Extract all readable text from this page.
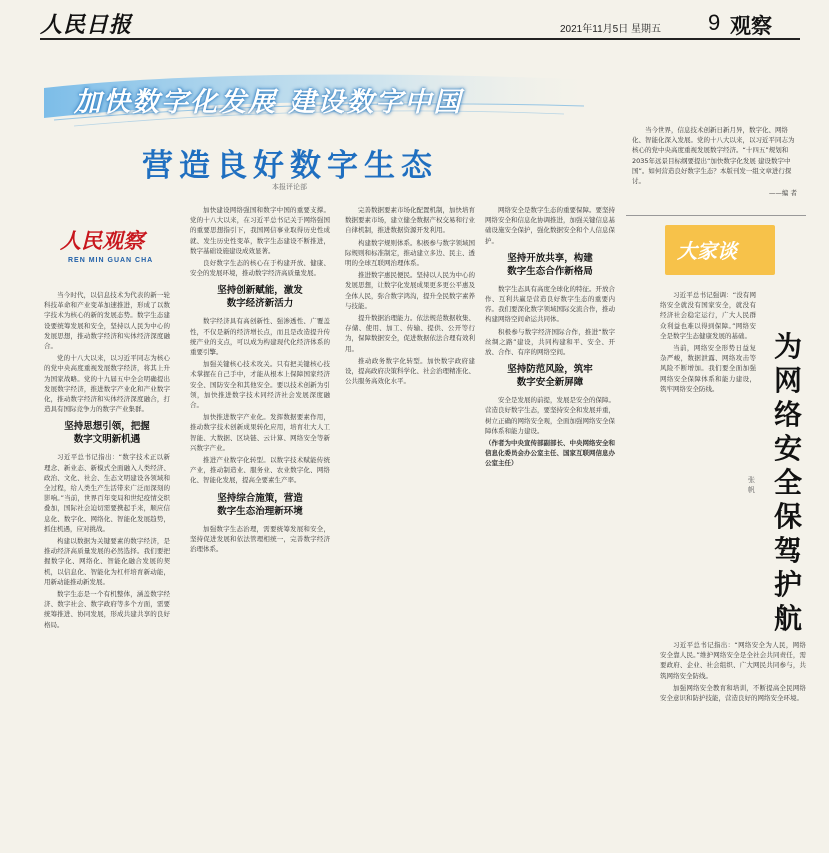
人民日报	2021年11月5日 星期五 9 观察
加快数字化发展 建设数字中国
营造良好数字生态
本报评论部
人民观察
REN MIN GUAN CHA

当今时代，以信息技术为代表的新一轮科技革命和产业变革加速推进，形成了以数字技术为核心的新的发展态势。数字生态建设要统筹发展和安全，坚持以人民为中心的发展思想，推动数字经济和实体经济深度融合。

党的十八大以来，以习近平同志为核心的党中央高度重视发展数字经济，将其上升为国家战略。党的十九届五中全会明确提出发展数字经济，推进数字产业化和产业数字化，推动数字经济和实体经济深度融合，打造具有国际竞争力的数字产业集群。

坚持思想引领，把握
数字文明新机遇

习近平总书记指出：“数字技术正以新理念、新业态、新模式全面融入人类经济、政治、文化、社会、生态文明建设各领域和全过程，给人类生产生活带来广泛而深刻的影响。”当前，世界百年变局和世纪疫情交织叠加，国际社会迫切需要携起手来，顺应信息化、数字化、网络化、智能化发展趋势，抓住机遇，应对挑战。

构建以数据为关键要素的数字经济，是推动经济高质量发展的必然选择。我们要把握数字化、网络化、智能化融合发展的契机，以信息化、智能化为杠杆培育新动能，用新动能推动新发展。

数字生态是一个有机整体，涵盖数字经济、数字社会、数字政府等多个方面，需要统筹推进、协同发展，形成共建共享的良好格局。

加快建设网络强国和数字中国的重要支撑。党的十八大以来，在习近平总书记关于网络强国的重要思想指引下，我国网信事业取得历史性成就、发生历史性变革，数字生态建设不断推进，数字基础设施建设成效显著。

良好数字生态的核心在于构建开放、健康、安全的发展环境，推动数字经济高质量发展。

坚持创新赋能，激发
数字经济新活力

数字经济具有高创新性、强渗透性、广覆盖性，不仅是新的经济增长点，而且是改造提升传统产业的支点，可以成为构建现代化经济体系的重要引擎。

加强关键核心技术攻关。只有把关键核心技术掌握在自己手中，才能从根本上保障国家经济安全、国防安全和其他安全。要以技术创新为引领，加快推进数字技术同经济社会发展深度融合。

加快推进数字产业化。发挥数据要素作用，推动数字技术创新成果转化应用，培育壮大人工智能、大数据、区块链、云计算、网络安全等新兴数字产业。

推进产业数字化转型。以数字技术赋能传统产业，推动制造业、服务业、农业数字化、网络化、智能化发展，提高全要素生产率。

坚持综合施策，营造
数字生态治理新环境

加强数字生态治理，需要统筹发展和安全，坚持促进发展和依法管理相统一，完善数字经济治理体系。

完善数据要素市场化配置机制，加快培育数据要素市场，建立健全数据产权交易和行业自律机制，推进数据资源开发利用。

构建数字规则体系。积极参与数字领域国际规则和标准制定，推动建立多边、民主、透明的全球互联网治理体系。

推进数字惠民便民。坚持以人民为中心的发展思想，让数字化发展成果更多更公平惠及全体人民，弥合数字鸿沟，提升全民数字素养与技能。

提升数据治理能力。依法规范数据收集、存储、使用、加工、传输、提供、公开等行为，保障数据安全，促进数据依法合理有效利用。

推动政务数字化转型。加快数字政府建设，提高政府决策科学化、社会治理精准化、公共服务高效化水平。

网络安全是数字生态的重要保障。要坚持网络安全和信息化协调推进，加强关键信息基础设施安全保护，强化数据安全和个人信息保护。

坚持开放共享，构建
数字生态合作新格局

数字生态具有高度全球化的特征。开放合作、互利共赢是营造良好数字生态的重要内容。我们要深化数字领域国际交流合作，推动构建网络空间命运共同体。

积极参与数字经济国际合作，推进“数字丝绸之路”建设，共同构建和平、安全、开放、合作、有序的网络空间。

坚持防范风险，筑牢
数字安全新屏障

安全是发展的前提，发展是安全的保障。营造良好数字生态，要坚持安全和发展并重，树立正确的网络安全观，全面加强网络安全保障体系和能力建设。

（作者为中央宣传部副部长、中央网络安全和信息化委员会办公室主任、国家互联网信息办公室主任）

当今世界，信息技术创新日新月异，数字化、网络化、智能化深入发展。党的十八大以来，以习近平同志为核心的党中央高度重视发展数字经济。“十四五”规划和2035年远景目标纲要提出“加快数字化发展 建设数字中国”。如何营造良好数字生态？本版刊发一组文章进行探讨。

——编 者
大家谈

习近平总书记强调：“没有网络安全就没有国家安全，就没有经济社会稳定运行，广大人民群众利益也难以得到保障。”网络安全是数字生态健康发展的基础。

当前，网络安全形势日益复杂严峻，数据泄露、网络攻击等风险不断增加。我们要全面加强网络安全保障体系和能力建设，筑牢网络安全防线。

为网络安全保驾护航
张 帆

习近平总书记指出：“网络安全为人民，网络安全靠人民。”维护网络安全是全社会共同责任，需要政府、企业、社会组织、广大网民共同参与，共筑网络安全防线。

加强网络安全教育和培训，不断提高全民网络安全意识和防护技能，营造良好的网络安全环境。
